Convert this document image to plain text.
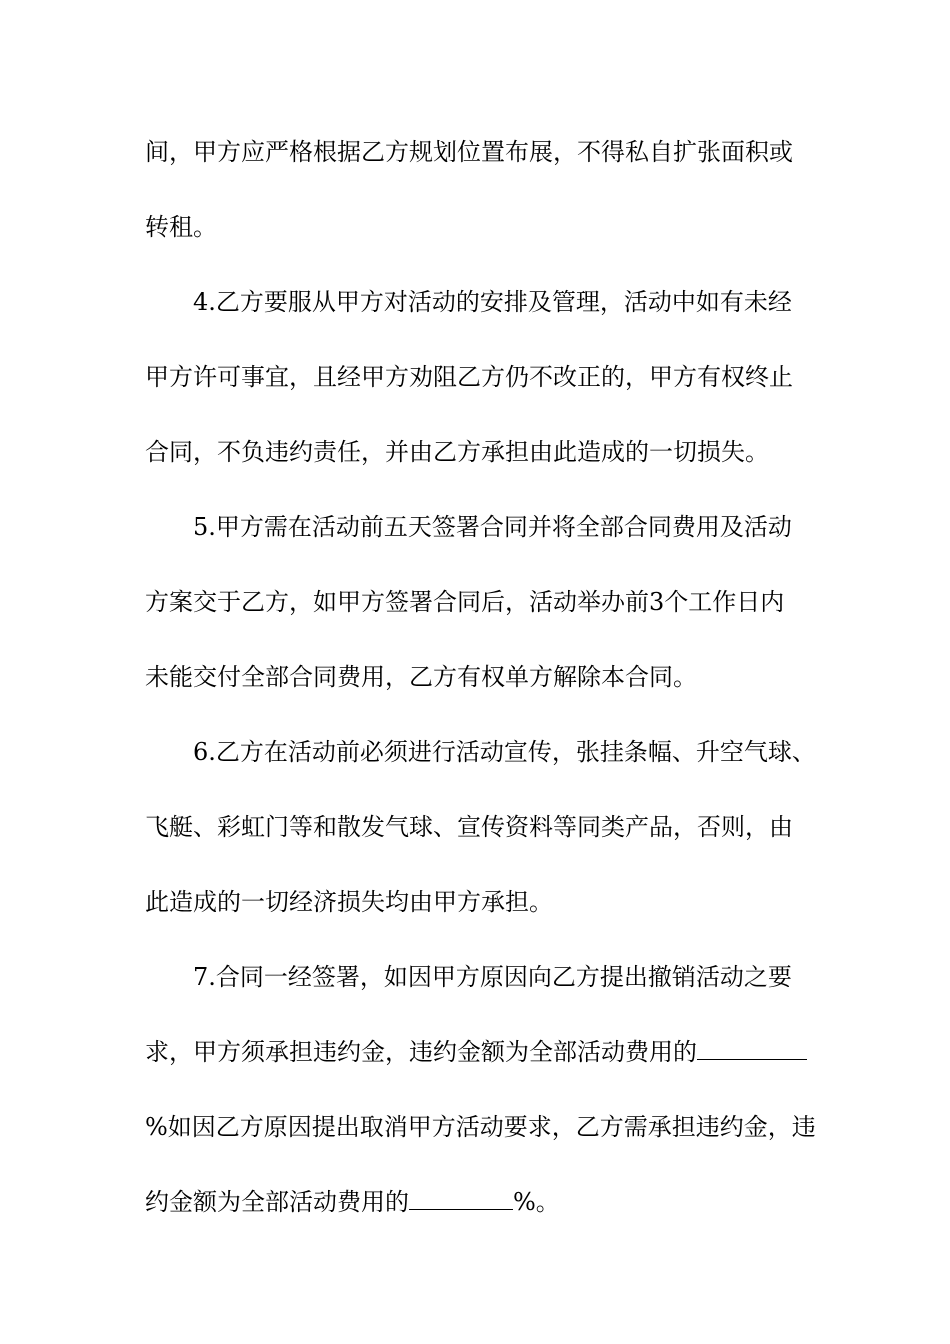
间，甲方应严格根据乙方规划位置布展，不得私自扩张面积或
转租。
4.乙方要服从甲方对活动的安排及管理，活动中如有未经
甲方许可事宜，且经甲方劝阻乙方仍不改正的，甲方有权终止
合同，不负违约责任，并由乙方承担由此造成的一切损失。
5.甲方需在活动前五天签署合同并将全部合同费用及活动
方案交于乙方，如甲方签署合同后，活动举办前3个工作日内
未能交付全部合同费用，乙方有权单方解除本合同。
6.乙方在活动前必须进行活动宣传，张挂条幅、升空气球、
飞艇、彩虹门等和散发气球、宣传资料等同类产品，否则，由
此造成的一切经济损失均由甲方承担。
7.合同一经签署，如因甲方原因向乙方提出撤销活动之要
求，甲方须承担违约金，违约金额为全部活动费用的
%如因乙方原因提出取消甲方活动要求，乙方需承担违约金，违
约金额为全部活动费用的	%。
